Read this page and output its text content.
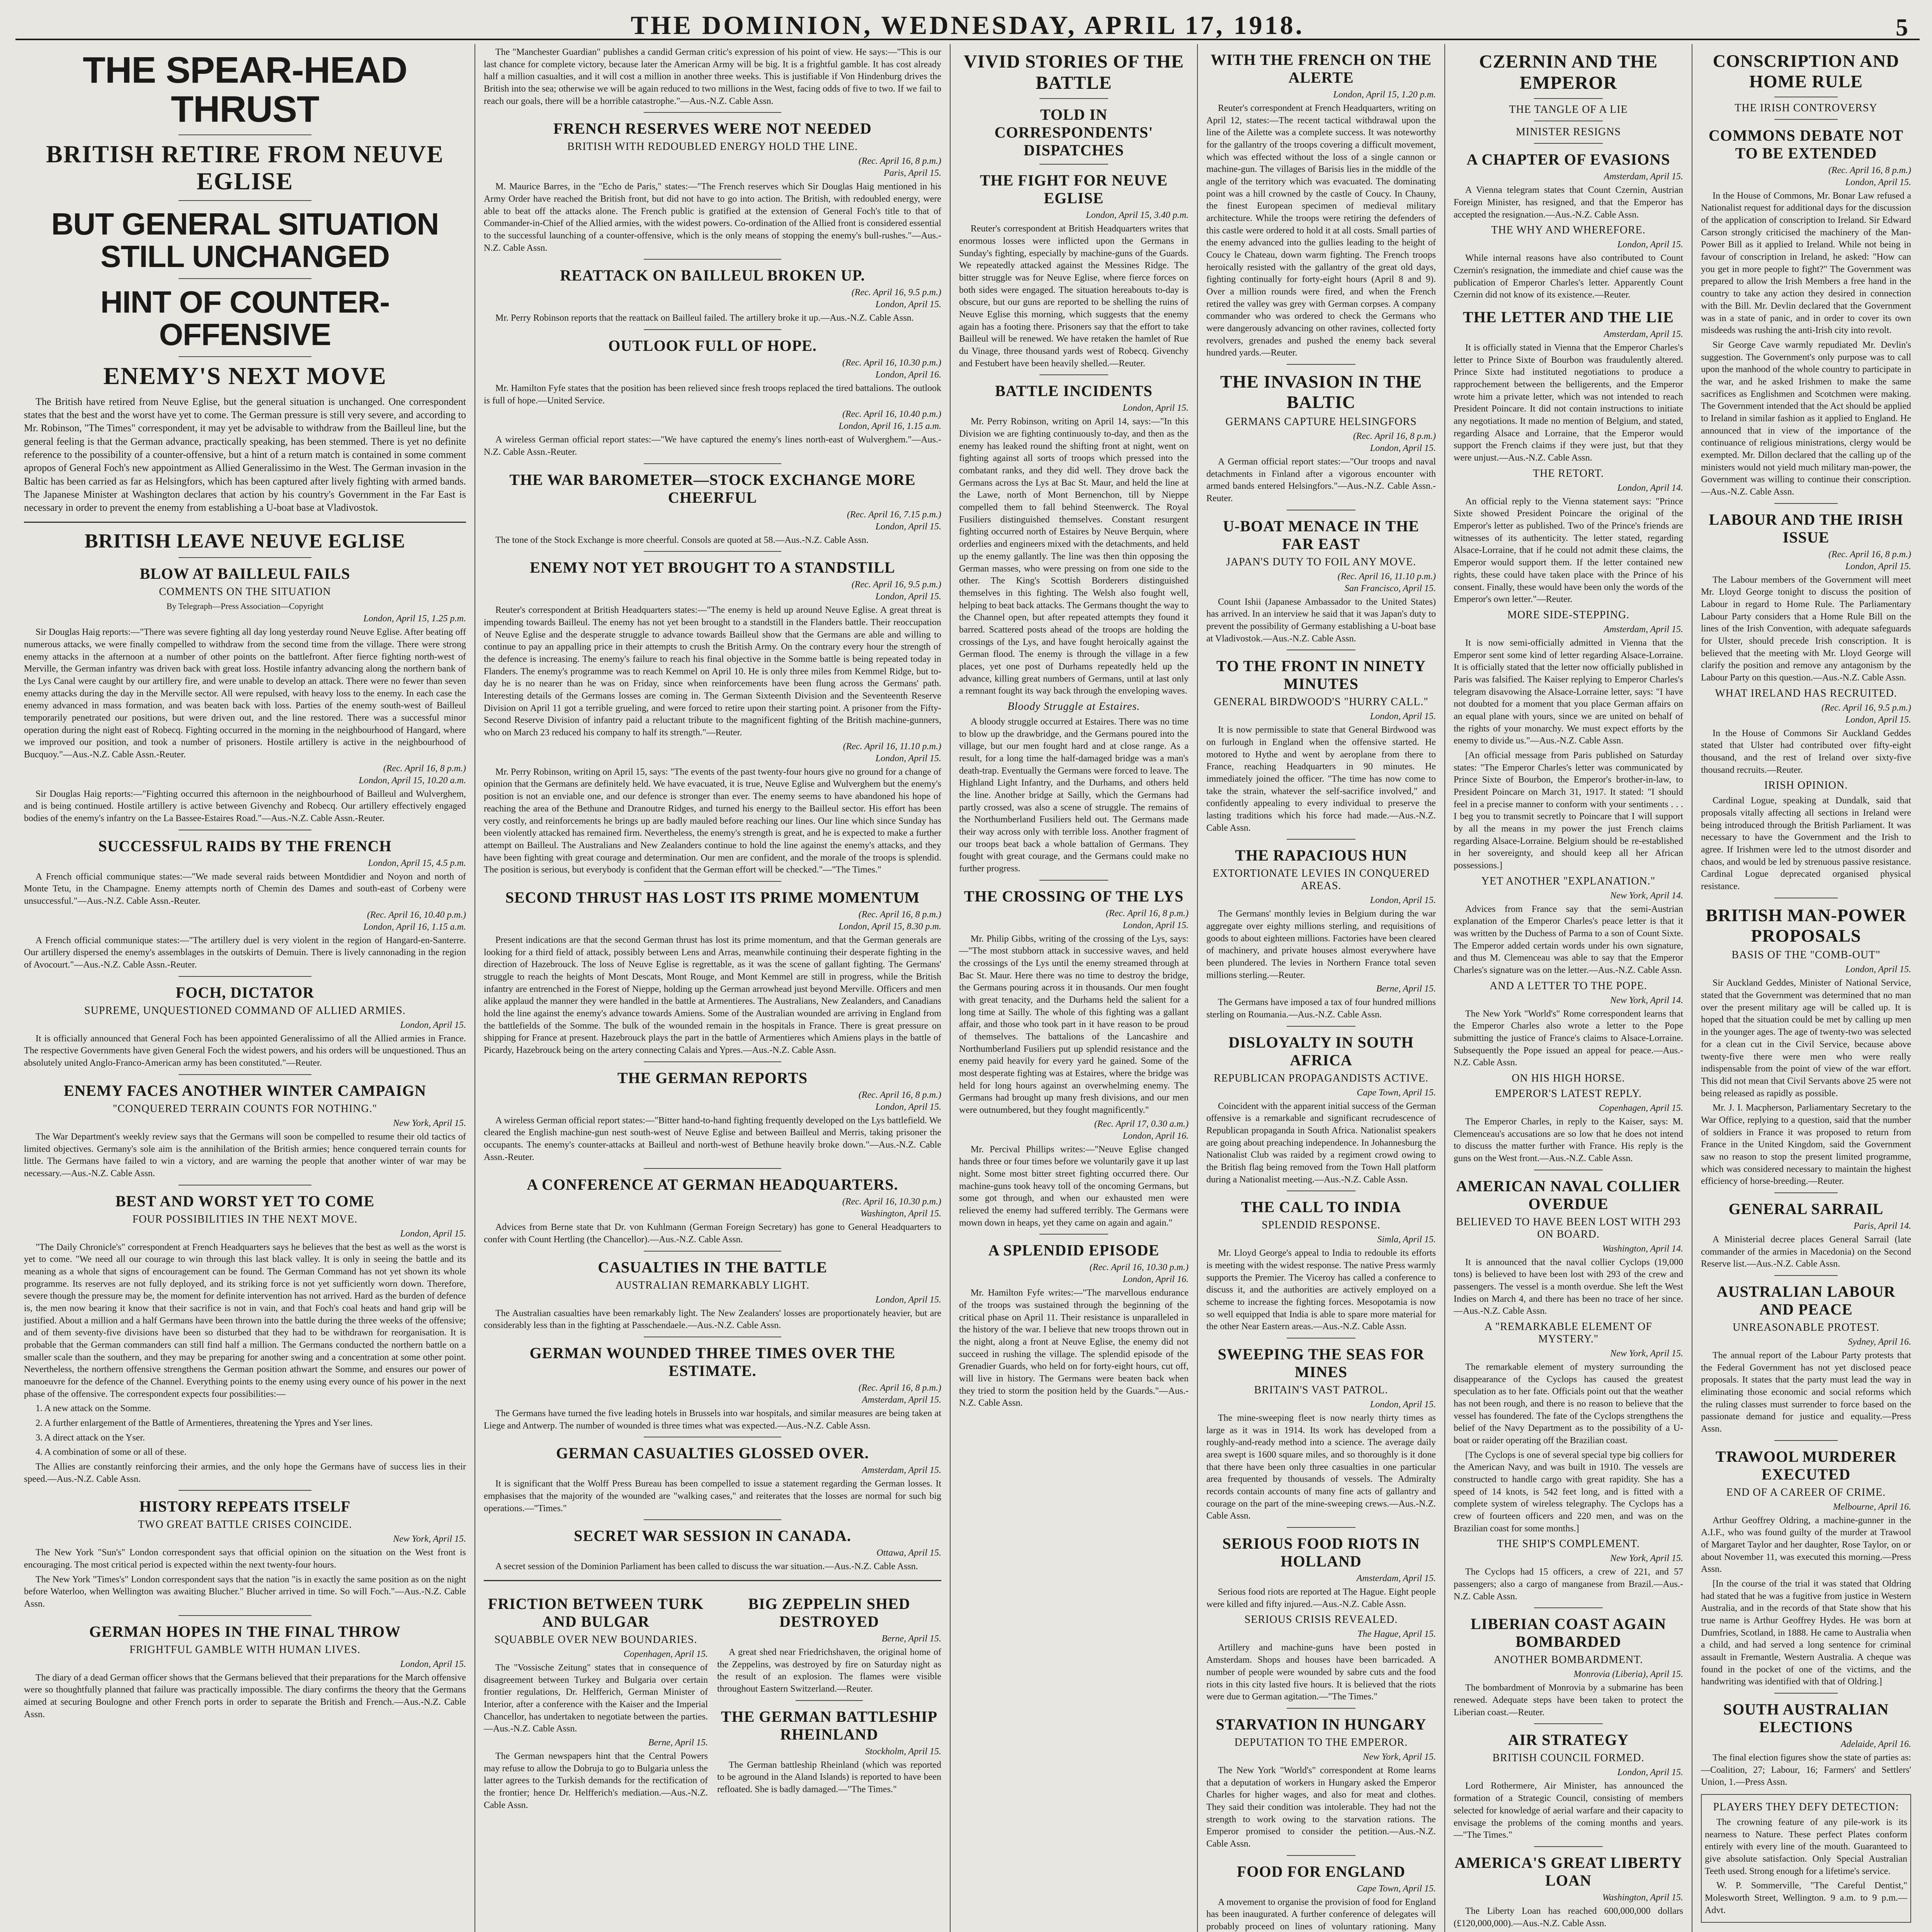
THE DOMINION, WEDNESDAY, APRIL 17, 1918.	5
THE SPEAR-HEAD THRUST
BRITISH RETIRE FROM NEUVE EGLISE
BUT GENERAL SITUATION STILL UNCHANGED
HINT OF COUNTER-OFFENSIVE
ENEMY'S NEXT MOVE

The British have retired from Neuve Eglise, but the general situation is unchanged. One correspondent states that the best and the worst have yet to come. The German pressure is still very severe, and according to Mr. Robinson, "The Times" correspondent, it may yet be advisable to withdraw from the Bailleul line, but the general feeling is that the German advance, practically speaking, has been stemmed. There is yet no definite reference to the possibility of a counter-offensive, but a hint of a return match is contained in some comment apropos of General Foch's new appointment as Allied Generalissimo in the West. The German invasion in the Baltic has been carried as far as Helsingfors, which has been captured after lively fighting with armed bands. The Japanese Minister at Washington declares that action by his country's Government in the Far East is necessary in order to prevent the enemy from establishing a U-boat base at Vladivostok.

BRITISH LEAVE NEUVE EGLISE
BLOW AT BAILLEUL FAILS
COMMENTS ON THE SITUATION
By Telegraph—Press Association—Copyright
London, April 15, 1.25 p.m.

Sir Douglas Haig reports:—"There was severe fighting all day long yesterday round Neuve Eglise. After beating off numerous attacks, we were finally compelled to withdraw from the second time from the village. There were strong enemy attacks in the afternoon at a number of other points on the battlefront. After fierce fighting north-west of Merville, the German infantry was driven back with great loss. Hostile infantry advancing along the northern bank of the Lys Canal were caught by our artillery fire, and were unable to develop an attack. There were no fewer than seven enemy attacks during the day in the Merville sector. All were repulsed, with heavy loss to the enemy. In each case the enemy advanced in mass formation, and was beaten back with loss. Parties of the enemy south-west of Bailleul temporarily penetrated our positions, but were driven out, and the line restored. There was a successful minor operation during the night east of Robecq. Fighting occurred in the morning in the neighbourhood of Hangard, where we improved our position, and took a number of prisoners. Hostile artillery is active in the neighbourhood of Bucquoy."—Aus.-N.Z. Cable Assn.-Reuter.

(Rec. April 16, 8 p.m.)
London, April 15, 10.20 a.m.

Sir Douglas Haig reports:—"Fighting occurred this afternoon in the neighbourhood of Bailleul and Wulverghem, and is being continued. Hostile artillery is active between Givenchy and Robecq. Our artillery effectively engaged bodies of the enemy's infantry on the La Bassee-Estaires Road."—Aus.-N.Z. Cable Assn.-Reuter.

SUCCESSFUL RAIDS BY THE FRENCH
London, April 15, 4.5 p.m.

A French official communique states:—"We made several raids between Montdidier and Noyon and north of Monte Tetu, in the Champagne. Enemy attempts north of Chemin des Dames and south-east of Corbeny were unsuccessful."—Aus.-N.Z. Cable Assn.-Reuter.

(Rec. April 16, 10.40 p.m.)
London, April 16, 1.15 a.m.

A French official communique states:—"The artillery duel is very violent in the region of Hangard-en-Santerre. Our artillery dispersed the enemy's assemblages in the outskirts of Demuin. There is lively cannonading in the region of Avocourt."—Aus.-N.Z. Cable Assn.-Reuter.

FOCH, DICTATOR
SUPREME, UNQUESTIONED COMMAND OF ALLIED ARMIES.
London, April 15.

It is officially announced that General Foch has been appointed Generalissimo of all the Allied armies in France. The respective Governments have given General Foch the widest powers, and his orders will be unquestioned. Thus an absolutely united Anglo-Franco-American army has been constituted."—Reuter.

ENEMY FACES ANOTHER WINTER CAMPAIGN
"CONQUERED TERRAIN COUNTS FOR NOTHING."
New York, April 15.

The War Department's weekly review says that the Germans will soon be compelled to resume their old tactics of limited objectives. Germany's sole aim is the annihilation of the British armies; hence conquered terrain counts for little. The Germans have failed to win a victory, and are warning the people that another winter of war may be necessary.—Aus.-N.Z. Cable Assn.

BEST AND WORST YET TO COME
FOUR POSSIBILITIES IN THE NEXT MOVE.
London, April 15.

"The Daily Chronicle's" correspondent at French Headquarters says he believes that the best as well as the worst is yet to come. "We need all our courage to win through this last black valley. It is only in seeing the battle and its meaning as a whole that signs of encouragement can be found. The German Command has not yet shown its whole programme. Its reserves are not fully deployed, and its striking force is not yet sufficiently worn down. Therefore, severe though the pressure may be, the moment for definite intervention has not arrived. Hard as the burden of defence is, the men now bearing it know that their sacrifice is not in vain, and that Foch's coal heats and hand grip will be justified. About a million and a half Germans have been thrown into the battle during the three weeks of the offensive; and of them seventy-five divisions have been so disturbed that they had to be withdrawn for reorganisation. It is probable that the German commanders can still find half a million. The Germans conducted the northern battle on a smaller scale than the southern, and they may be preparing for another swing and a concentration at some other point. Nevertheless, the northern offensive strengthens the German position athwart the Somme, and ensures our power of manoeuvre for the defence of the Channel. Everything points to the enemy using every ounce of his power in the next phase of the offensive. The correspondent expects four possibilities:—

1. A new attack on the Somme.

2. A further enlargement of the Battle of Armentieres, threatening the Ypres and Yser lines.

3. A direct attack on the Yser.

4. A combination of some or all of these.

The Allies are constantly reinforcing their armies, and the only hope the Germans have of success lies in their speed.—Aus.-N.Z. Cable Assn.

HISTORY REPEATS ITSELF
TWO GREAT BATTLE CRISES COINCIDE.
New York, April 15.

The New York "Sun's" London correspondent says that official opinion on the situation on the West front is encouraging. The most critical period is expected within the next twenty-four hours.

The New York "Times's" London correspondent says that the nation "is in exactly the same position as on the night before Waterloo, when Wellington was awaiting Blucher." Blucher arrived in time. So will Foch."—Aus.-N.Z. Cable Assn.

GERMAN HOPES IN THE FINAL THROW
FRIGHTFUL GAMBLE WITH HUMAN LIVES.
London, April 15.

The diary of a dead German officer shows that the Germans believed that their preparations for the March offensive were so thoughtfully planned that failure was practically impossible. The diary confirms the theory that the Germans aimed at securing Boulogne and other French ports in order to separate the British and French.—Aus.-N.Z. Cable Assn.

The "Manchester Guardian" publishes a candid German critic's expression of his point of view. He says:—"This is our last chance for complete victory, because later the American Army will be big. It is a frightful gamble. It has cost already half a million casualties, and it will cost a million in another three weeks. This is justifiable if Von Hindenburg drives the British into the sea; otherwise we will be again reduced to two millions in the West, facing odds of five to two. If we fail to reach our goals, there will be a horrible catastrophe."—Aus.-N.Z. Cable Assn.

FRENCH RESERVES WERE NOT NEEDED
BRITISH WITH REDOUBLED ENERGY HOLD THE LINE.
(Rec. April 16, 8 p.m.)
Paris, April 15.

M. Maurice Barres, in the "Echo de Paris," states:—"The French reserves which Sir Douglas Haig mentioned in his Army Order have reached the British front, but did not have to go into action. The British, with redoubled energy, were able to beat off the attacks alone. The French public is gratified at the extension of General Foch's title to that of Commander-in-Chief of the Allied armies, with the widest powers. Co-ordination of the Allied front is considered essential to the successful launching of a counter-offensive, which is the only means of stopping the enemy's bull-rushes."—Aus.-N.Z. Cable Assn.

REATTACK ON BAILLEUL BROKEN UP.
(Rec. April 16, 9.5 p.m.)
London, April 15.

Mr. Perry Robinson reports that the reattack on Bailleul failed. The artillery broke it up.—Aus.-N.Z. Cable Assn.

OUTLOOK FULL OF HOPE.
(Rec. April 16, 10.30 p.m.)
London, April 16.

Mr. Hamilton Fyfe states that the position has been relieved since fresh troops replaced the tired battalions. The outlook is full of hope.—United Service.

(Rec. April 16, 10.40 p.m.)
London, April 16, 1.15 a.m.

A wireless German official report states:—"We have captured the enemy's lines north-east of Wulverghem."—Aus.-N.Z. Cable Assn.-Reuter.

THE WAR BAROMETER—STOCK EXCHANGE MORE CHEERFUL
(Rec. April 16, 7.15 p.m.)
London, April 15.

The tone of the Stock Exchange is more cheerful. Consols are quoted at 58.—Aus.-N.Z. Cable Assn.

ENEMY NOT YET BROUGHT TO A STANDSTILL
(Rec. April 16, 9.5 p.m.)
London, April 15.

Reuter's correspondent at British Headquarters states:—"The enemy is held up around Neuve Eglise. A great threat is impending towards Bailleul. The enemy has not yet been brought to a standstill in the Flanders battle. Their reoccupation of Neuve Eglise and the desperate struggle to advance towards Bailleul show that the Germans are able and willing to continue to pay an appalling price in their attempts to crush the British Army. On the contrary every hour the strength of the defence is increasing. The enemy's failure to reach his final objective in the Somme battle is being repeated today in Flanders. The enemy's programme was to reach Kemmel on April 10. He is only three miles from Kemmel Ridge, but to-day he is no nearer than he was on Friday, since when reinforcements have been flung across the Germans' path. Interesting details of the Germans losses are coming in. The German Sixteenth Division and the Seventeenth Reserve Division on April 11 got a terrible grueling, and were forced to retire upon their starting point. A prisoner from the Fifty-Second Reserve Division of infantry paid a reluctant tribute to the magnificent fighting of the British machine-gunners, who on March 23 reduced his company to half its strength."—Reuter.

(Rec. April 16, 11.10 p.m.)
London, April 15.

Mr. Perry Robinson, writing on April 15, says: "The events of the past twenty-four hours give no ground for a change of opinion that the Germans are definitely held. We have evacuated, it is true, Neuve Eglise and Wulverghem but the enemy's position is not an enviable one, and our defence is stronger than ever. The enemy seems to have abandoned his hope of reaching the area of the Bethune and Dranoutre Ridges, and turned his energy to the Bailleul sector. His effort has been very costly, and reinforcements he brings up are badly mauled before reaching our lines. Our line which since Sunday has been violently attacked has remained firm. Nevertheless, the enemy's strength is great, and he is expected to make a further attempt on Bailleul. The Australians and New Zealanders continue to hold the line against the enemy's attacks, and they have been fighting with great courage and determination. Our men are confident, and the morale of the troops is splendid. The position is serious, but everybody is confident that the German effort will be checked."—"The Times."

SECOND THRUST HAS LOST ITS PRIME MOMENTUM
(Rec. April 16, 8 p.m.)
London, April 15, 8.30 p.m.

Present indications are that the second German thrust has lost its prime momentum, and that the German generals are looking for a third field of attack, possibly between Lens and Arras, meanwhile continuing their desperate fighting in the direction of Hazebrouck. The loss of Neuve Eglise is regrettable, as it was the scene of gallant fighting. The Germans' struggle to reach the heights of Mont Descats, Mont Rouge, and Mont Kemmel are still in progress, while the British infantry are entrenched in the Forest of Nieppe, holding up the German arrowhead just beyond Merville. Officers and men alike applaud the manner they were handled in the battle at Armentieres. The Australians, New Zealanders, and Canadians hold the line against the enemy's advance towards Amiens. Some of the Australian wounded are arriving in England from the battlefields of the Somme. The bulk of the wounded remain in the hospitals in France. There is great pressure on shipping for France at present. Hazebrouck plays the part in the battle of Armentieres which Amiens plays in the battle of Picardy, Hazebrouck being on the artery connecting Calais and Ypres.—Aus.-N.Z. Cable Assn.

THE GERMAN REPORTS
(Rec. April 16, 8 p.m.)
London, April 15.

A wireless German official report states:—"Bitter hand-to-hand fighting frequently developed on the Lys battlefield. We cleared the English machine-gun nest south-west of Neuve Eglise and between Bailleul and Merris, taking prisoner the occupants. The enemy's counter-attacks at Bailleul and north-west of Bethune heavily broke down."—Aus.-N.Z. Cable Assn.-Reuter.

A CONFERENCE AT GERMAN HEADQUARTERS.
(Rec. April 16, 10.30 p.m.)
Washington, April 15.

Advices from Berne state that Dr. von Kuhlmann (German Foreign Secretary) has gone to General Headquarters to confer with Count Hertling (the Chancellor).—Aus.-N.Z. Cable Assn.

CASUALTIES IN THE BATTLE
AUSTRALIAN REMARKABLY LIGHT.
London, April 15.

The Australian casualties have been remarkably light. The New Zealanders' losses are proportionately heavier, but are considerably less than in the fighting at Passchendaele.—Aus.-N.Z. Cable Assn.

GERMAN WOUNDED THREE TIMES OVER THE ESTIMATE.
(Rec. April 16, 8 p.m.)
Amsterdam, April 15.

The Germans have turned the five leading hotels in Brussels into war hospitals, and similar measures are being taken at Liege and Antwerp. The number of wounded is three times what was expected.—Aus.-N.Z. Cable Assn.

GERMAN CASUALTIES GLOSSED OVER.
Amsterdam, April 15.

It is significant that the Wolff Press Bureau has been compelled to issue a statement regarding the German losses. It emphasises that the majority of the wounded are "walking cases," and reiterates that the losses are normal for such big operations.—"Times."

SECRET WAR SESSION IN CANADA.
Ottawa, April 15.

A secret session of the Dominion Parliament has been called to discuss the war situation.—Aus.-N.Z. Cable Assn.

FRICTION BETWEEN TURK AND BULGAR
SQUABBLE OVER NEW BOUNDARIES.
Copenhagen, April 15.

The "Vossische Zeitung" states that in consequence of disagreement between Turkey and Bulgaria over certain frontier regulations, Dr. Helfferich, German Minister of Interior, after a conference with the Kaiser and the Imperial Chancellor, has undertaken to negotiate between the parties.—Aus.-N.Z. Cable Assn.

Berne, April 15.

The German newspapers hint that the Central Powers may refuse to allow the Dobruja to go to Bulgaria unless the latter agrees to the Turkish demands for the rectification of the frontier; hence Dr. Helfferich's mediation.—Aus.-N.Z. Cable Assn.

BIG ZEPPELIN SHED DESTROYED
Berne, April 15.

A great shed near Friedrichshaven, the original home of the Zeppelins, was destroyed by fire on Saturday night as the result of an explosion. The flames were visible throughout Eastern Switzerland.—Reuter.

THE GERMAN BATTLESHIP RHEINLAND
Stockholm, April 15.

The German battleship Rheinland (which was reported to be aground in the Aland Islands) is reported to have been refloated. She is badly damaged.—"The Times."

VIVID STORIES OF THE BATTLE
TOLD IN CORRESPONDENTS' DISPATCHES
THE FIGHT FOR NEUVE EGLISE
London, April 15, 3.40 p.m.

Reuter's correspondent at British Headquarters writes that enormous losses were inflicted upon the Germans in Sunday's fighting, especially by machine-guns of the Guards. We repeatedly attacked against the Messines Ridge. The bitter struggle was for Neuve Eglise, where fierce forces on both sides were engaged. The situation hereabouts to-day is obscure, but our guns are reported to be shelling the ruins of Neuve Eglise this morning, which suggests that the enemy again has a footing there. Prisoners say that the effort to take Bailleul will be renewed. We have retaken the hamlet of Rue du Vinage, three thousand yards west of Robecq. Givenchy and Festubert have been heavily shelled.—Reuter.

BATTLE INCIDENTS
London, April 15.

Mr. Perry Robinson, writing on April 14, says:—"In this Division we are fighting continuously to-day, and then as the enemy has leaked round the shifting front at night, went on fighting against all sorts of troops which pressed into the combatant ranks, and they did well. They drove back the Germans across the Lys at Bac St. Maur, and held the line at the Lawe, north of Mont Bernenchon, till by Nieppe compelled them to fall behind Steenwerck. The Royal Fusiliers distinguished themselves. Constant resurgent fighting occurred north of Estaires by Neuve Berquin, where orderlies and engineers mixed with the detachments, and held up the enemy gallantly. The line was then thin opposing the German masses, who were pressing on from one side to the other. The King's Scottish Borderers distinguished themselves in this fighting. The Welsh also fought well, helping to beat back attacks. The Germans thought the way to the Channel open, but after repeated attempts they found it barred. Scattered posts ahead of the troops are holding the crossings of the Lys, and have fought heroically against the German flood. The enemy is through the village in a few places, yet one post of Durhams repeatedly held up the advance, killing great numbers of Germans, until at last only a remnant fought its way back through the enveloping waves.

Bloody Struggle at Estaires.

A bloody struggle occurred at Estaires. There was no time to blow up the drawbridge, and the Germans poured into the village, but our men fought hard and at close range. As a result, for a long time the half-damaged bridge was a man's death-trap. Eventually the Germans were forced to leave. The Highland Light Infantry, and the Durhams, and others held the line. Another bridge at Sailly, which the Germans had partly crossed, was also a scene of struggle. The remains of the Northumberland Fusiliers held out. The Germans made their way across only with terrible loss. Another fragment of our troops beat back a whole battalion of Germans. They fought with great courage, and the Germans could make no further progress.

THE CROSSING OF THE LYS
(Rec. April 16, 8 p.m.)
London, April 15.

Mr. Philip Gibbs, writing of the crossing of the Lys, says:—"The most stubborn attack in successive waves, and held the crossings of the Lys until the enemy streamed through at Bac St. Maur. Here there was no time to destroy the bridge, the Germans pouring across it in thousands. Our men fought with great tenacity, and the Durhams held the salient for a long time at Sailly. The whole of this fighting was a gallant affair, and those who took part in it have reason to be proud of themselves. The battalions of the Lancashire and Northumberland Fusiliers put up splendid resistance and the enemy paid heavily for every yard he gained. Some of the most desperate fighting was at Estaires, where the bridge was held for long hours against an overwhelming enemy. The Germans had brought up many fresh divisions, and our men were outnumbered, but they fought magnificently."

(Rec. April 17, 0.30 a.m.)
London, April 16.

Mr. Percival Phillips writes:—"Neuve Eglise changed hands three or four times before we voluntarily gave it up last night. Some most bitter street fighting occurred there. Our machine-guns took heavy toll of the oncoming Germans, but some got through, and when our exhausted men were relieved the enemy had suffered terribly. The Germans were mown down in heaps, yet they came on again and again."

A SPLENDID EPISODE
(Rec. April 16, 10.30 p.m.)
London, April 16.

Mr. Hamilton Fyfe writes:—"The marvellous endurance of the troops was sustained through the beginning of the critical phase on April 11. Their resistance is unparalleled in the history of the war. I believe that new troops thrown out in the night, along a front at Neuve Eglise, the enemy did not succeed in rushing the village. The splendid episode of the Grenadier Guards, who held on for forty-eight hours, cut off, will live in history. The Germans were beaten back when they tried to storm the position held by the Guards."—Aus.-N.Z. Cable Assn.

WITH THE FRENCH ON THE ALERTE
London, April 15, 1.20 p.m.

Reuter's correspondent at French Headquarters, writing on April 12, states:—The recent tactical withdrawal upon the line of the Ailette was a complete success. It was noteworthy for the gallantry of the troops covering a difficult movement, which was effected without the loss of a single cannon or machine-gun. The villages of Barisis lies in the middle of the angle of the territory which was evacuated. The dominating point was a hill crowned by the castle of Coucy. In Chauny, the finest European specimen of medieval military architecture. While the troops were retiring the defenders of this castle were ordered to hold it at all costs. Small parties of the enemy advanced into the gullies leading to the height of Coucy le Chateau, down warm fighting. The French troops heroically resisted with the gallantry of the great old days, fighting continually for forty-eight hours (April 8 and 9). Over a million rounds were fired, and when the French retired the valley was grey with German corpses. A company commander who was ordered to check the Germans who were dangerously advancing on other ravines, collected forty revolvers, grenades and pushed the enemy back several hundred yards.—Reuter.

THE INVASION IN THE BALTIC
GERMANS CAPTURE HELSINGFORS
(Rec. April 16, 8 p.m.)
London, April 15.

A German official report states:—"Our troops and naval detachments in Finland after a vigorous encounter with armed bands entered Helsingfors."—Aus.-N.Z. Cable Assn.-Reuter.

U-BOAT MENACE IN THE FAR EAST
JAPAN'S DUTY TO FOIL ANY MOVE.
(Rec. April 16, 11.10 p.m.)
San Francisco, April 15.

Count Ishii (Japanese Ambassador to the United States) has arrived. In an interview he said that it was Japan's duty to prevent the possibility of Germany establishing a U-boat base at Vladivostok.—Aus.-N.Z. Cable Assn.

TO THE FRONT IN NINETY MINUTES
GENERAL BIRDWOOD'S "HURRY CALL."
London, April 15.

It is now permissible to state that General Birdwood was on furlough in England when the offensive started. He motored to Hythe and went by aeroplane from there to France, reaching Headquarters in 90 minutes. He immediately joined the officer. "The time has now come to take the strain, whatever the self-sacrifice involved," and confidently appealing to every individual to preserve the lasting traditions which his force had made.—Aus.-N.Z. Cable Assn.

THE RAPACIOUS HUN
EXTORTIONATE LEVIES IN CONQUERED AREAS.
London, April 15.

The Germans' monthly levies in Belgium during the war aggregate over eighty millions sterling, and requisitions of goods to about eighteen millions. Factories have been cleared of machinery, and private houses almost everywhere have been plundered. The levies in Northern France total seven millions sterling.—Reuter.

Berne, April 15.

The Germans have imposed a tax of four hundred millions sterling on Roumania.—Aus.-N.Z. Cable Assn.

DISLOYALTY IN SOUTH AFRICA
REPUBLICAN PROPAGANDISTS ACTIVE.
Cape Town, April 15.

Coincident with the apparent initial success of the German offensive is a remarkable and significant recrudescence of Republican propaganda in South Africa. Nationalist speakers are going about preaching independence. In Johannesburg the Nationalist Club was raided by a regiment crowd owing to the British flag being removed from the Town Hall platform during a Nationalist meeting.—Aus.-N.Z. Cable Assn.

THE CALL TO INDIA
SPLENDID RESPONSE.
Simla, April 15.

Mr. Lloyd George's appeal to India to redouble its efforts is meeting with the widest response. The native Press warmly supports the Premier. The Viceroy has called a conference to discuss it, and the authorities are actively employed on a scheme to increase the fighting forces. Mesopotamia is now so well equipped that India is able to spare more material for the other Near Eastern areas.—Aus.-N.Z. Cable Assn.

SWEEPING THE SEAS FOR MINES
BRITAIN'S VAST PATROL.
London, April 15.

The mine-sweeping fleet is now nearly thirty times as large as it was in 1914. Its work has developed from a roughly-and-ready method into a science. The average daily area swept is 1600 square miles, and so thoroughly is it done that there have been only three casualties in one particular area frequented by thousands of vessels. The Admiralty records contain accounts of many fine acts of gallantry and courage on the part of the mine-sweeping crews.—Aus.-N.Z. Cable Assn.

SERIOUS FOOD RIOTS IN HOLLAND
Amsterdam, April 15.

Serious food riots are reported at The Hague. Eight people were killed and fifty injured.—Aus.-N.Z. Cable Assn.

SERIOUS CRISIS REVEALED.
The Hague, April 15.

Artillery and machine-guns have been posted in Amsterdam. Shops and houses have been barricaded. A number of people were wounded by sabre cuts and the food riots in this city lasted five hours. It is believed that the riots were due to German agitation.—"The Times."

STARVATION IN HUNGARY
DEPUTATION TO THE EMPEROR.
New York, April 15.

The New York "World's" correspondent at Rome learns that a deputation of workers in Hungary asked the Emperor Charles for higher wages, and also for meat and clothes. They said their condition was intolerable. They had not the strength to work owing to the starvation rations. The Emperor promised to consider the petition.—Aus.-N.Z. Cable Assn.

FOOD FOR ENGLAND
Cape Town, April 15.

A movement to organise the provision of food for England has been inaugurated. A further conference of delegates will probably proceed on lines of voluntary rationing. Many

CZERNIN AND THE EMPEROR
THE TANGLE OF A LIE
MINISTER RESIGNS
A CHAPTER OF EVASIONS
Amsterdam, April 15.

A Vienna telegram states that Count Czernin, Austrian Foreign Minister, has resigned, and that the Emperor has accepted the resignation.—Aus.-N.Z. Cable Assn.

THE WHY AND WHEREFORE.
London, April 15.

While internal reasons have also contributed to Count Czernin's resignation, the immediate and chief cause was the publication of Emperor Charles's letter. Apparently Count Czernin did not know of its existence.—Reuter.

THE LETTER AND THE LIE
Amsterdam, April 15.

It is officially stated in Vienna that the Emperor Charles's letter to Prince Sixte of Bourbon was fraudulently altered. Prince Sixte had instituted negotiations to produce a rapprochement between the belligerents, and the Emperor wrote him a private letter, which was not intended to reach President Poincare. It did not contain instructions to initiate any negotiations. It made no mention of Belgium, and stated, regarding Alsace and Lorraine, that the Emperor would support the French claims if they were just, but that they were unjust.—Aus.-N.Z. Cable Assn.

THE RETORT.
London, April 14.

An official reply to the Vienna statement says: "Prince Sixte showed President Poincare the original of the Emperor's letter as published. Two of the Prince's friends are witnesses of its authenticity. The letter stated, regarding Alsace-Lorraine, that if he could not admit these claims, the Emperor would support them. If the letter contained new rights, these could have taken place with the Prince of his consent. Finally, these would have been only the words of the Emperor's own letter."—Reuter.

MORE SIDE-STEPPING.
Amsterdam, April 15.

It is now semi-officially admitted in Vienna that the Emperor sent some kind of letter regarding Alsace-Lorraine. It is officially stated that the letter now officially published in Paris was falsified. The Kaiser replying to Emperor Charles's telegram disavowing the Alsace-Lorraine letter, says: "I have not doubted for a moment that you place German affairs on an equal plane with yours, since we are united on behalf of the rights of your monarchy. We must expect efforts by the enemy to divide us."—Aus.-N.Z. Cable Assn.

[An official message from Paris published on Saturday states: "The Emperor Charles's letter was communicated by Prince Sixte of Bourbon, the Emperor's brother-in-law, to President Poincare on March 31, 1917. It stated: "I should feel in a precise manner to conform with your sentiments . . . I beg you to transmit secretly to Poincare that I will support by all the means in my power the just French claims regarding Alsace-Lorraine. Belgium should be re-established in her sovereignty, and should keep all her African possessions.]

YET ANOTHER "EXPLANATION."
New York, April 14.

Advices from France say that the semi-Austrian explanation of the Emperor Charles's peace letter is that it was written by the Duchess of Parma to a son of Count Sixte. The Emperor added certain words under his own signature, and thus M. Clemenceau was able to say that the Emperor Charles's signature was on the letter.—Aus.-N.Z. Cable Assn.

AND A LETTER TO THE POPE.
New York, April 14.

The New York "World's" Rome correspondent learns that the Emperor Charles also wrote a letter to the Pope submitting the justice of France's claims to Alsace-Lorraine. Subsequently the Pope issued an appeal for peace.—Aus.-N.Z. Cable Assn.

ON HIS HIGH HORSE.
EMPEROR'S LATEST REPLY.
Copenhagen, April 15.

The Emperor Charles, in reply to the Kaiser, says: M. Clemenceau's accusations are so low that he does not intend to discuss the matter further with France. His reply is the guns on the West front.—Aus.-N.Z. Cable Assn.

AMERICAN NAVAL COLLIER OVERDUE
BELIEVED TO HAVE BEEN LOST WITH 293 ON BOARD.
Washington, April 14.

It is announced that the naval collier Cyclops (19,000 tons) is believed to have been lost with 293 of the crew and passengers. The vessel is a month overdue. She left the West Indies on March 4, and there has been no trace of her since.—Aus.-N.Z. Cable Assn.

A "REMARKABLE ELEMENT OF MYSTERY."
New York, April 15.

The remarkable element of mystery surrounding the disappearance of the Cyclops has caused the greatest speculation as to her fate. Officials point out that the weather has not been rough, and there is no reason to believe that the vessel has foundered. The fate of the Cyclops strengthens the belief of the Navy Department as to the possibility of a U-boat or raider operating off the Brazilian coast.

[The Cyclops is one of several special type big colliers for the American Navy, and was built in 1910. The vessels are constructed to handle cargo with great rapidity. She has a speed of 14 knots, is 542 feet long, and is fitted with a complete system of wireless telegraphy. The Cyclops has a crew of fourteen officers and 220 men, and was on the Brazilian coast for some months.]

THE SHIP'S COMPLEMENT.
New York, April 15.

The Cyclops had 15 officers, a crew of 221, and 57 passengers; also a cargo of manganese from Brazil.—Aus.-N.Z. Cable Assn.

LIBERIAN COAST AGAIN BOMBARDED
ANOTHER BOMBARDMENT.
Monrovia (Liberia), April 15.

The bombardment of Monrovia by a submarine has been renewed. Adequate steps have been taken to protect the Liberian coast.—Reuter.

AIR STRATEGY
BRITISH COUNCIL FORMED.
London, April 15.

Lord Rothermere, Air Minister, has announced the formation of a Strategic Council, consisting of members selected for knowledge of aerial warfare and their capacity to envisage the problems of the coming months and years.—"The Times."

AMERICA'S GREAT LIBERTY LOAN
Washington, April 15.

The Liberty Loan has reached 600,000,000 dollars (£120,000,000).—Aus.-N.Z. Cable Assn.

CONSCRIPTION AND HOME RULE
THE IRISH CONTROVERSY
COMMONS DEBATE NOT TO BE EXTENDED
(Rec. April 16, 8 p.m.)
London, April 15.

In the House of Commons, Mr. Bonar Law refused a Nationalist request for additional days for the discussion of the application of conscription to Ireland. Sir Edward Carson strongly criticised the machinery of the Man-Power Bill as it applied to Ireland. While not being in favour of conscription in Ireland, he asked: "How can you get in more people to fight?" The Government was prepared to allow the Irish Members a free hand in the country to take any action they desired in connection with the Bill. Mr. Devlin declared that the Government was in a state of panic, and in order to cover its own misdeeds was rushing the anti-Irish city into revolt.

Sir George Cave warmly repudiated Mr. Devlin's suggestion. The Government's only purpose was to call upon the manhood of the whole country to participate in the war, and he asked Irishmen to make the same sacrifices as Englishmen and Scotchmen were making. The Government intended that the Act should be applied to Ireland in similar fashion as it applied to England. He announced that in view of the importance of the continuance of religious ministrations, clergy would be exempted. Mr. Dillon declared that the calling up of the ministers would not yield much military man-power, the Government was willing to continue their conscription.—Aus.-N.Z. Cable Assn.

LABOUR AND THE IRISH ISSUE
(Rec. April 16, 8 p.m.)
London, April 15.

The Labour members of the Government will meet Mr. Lloyd George tonight to discuss the position of Labour in regard to Home Rule. The Parliamentary Labour Party considers that a Home Rule Bill on the lines of the Irish Convention, with adequate safeguards for Ulster, should precede Irish conscription. It is believed that the meeting with Mr. Lloyd George will clarify the position and remove any antagonism by the Labour Party on this question.—Aus.-N.Z. Cable Assn.

WHAT IRELAND HAS RECRUITED.
(Rec. April 16, 9.5 p.m.)
London, April 15.

In the House of Commons Sir Auckland Geddes stated that Ulster had contributed over fifty-eight thousand, and the rest of Ireland over sixty-five thousand recruits.—Reuter.

IRISH OPINION.

Cardinal Logue, speaking at Dundalk, said that proposals vitally affecting all sections in Ireland were being introduced through the British Parliament. It was necessary to have the Government and the Irish to agree. If Irishmen were led to the utmost disorder and chaos, and would be led by strenuous passive resistance. Cardinal Logue deprecated organised physical resistance.

BRITISH MAN-POWER PROPOSALS
BASIS OF THE "COMB-OUT"
London, April 15.

Sir Auckland Geddes, Minister of National Service, stated that the Government was determined that no man over the present military age will be called up. It is hoped that the situation could be met by calling up men in the younger ages. The age of twenty-two was selected for a clean cut in the Civil Service, because above twenty-five there were men who were really indispensable from the point of view of the war effort. This did not mean that Civil Servants above 25 were not being released as rapidly as possible.

Mr. J. I. Macpherson, Parliamentary Secretary to the War Office, replying to a question, said that the number of soldiers in France it was proposed to return from France in the United Kingdom, said the Government saw no reason to stop the present limited programme, which was considered necessary to maintain the highest efficiency of horse-breeding.—Reuter.

GENERAL SARRAIL
Paris, April 14.

A Ministerial decree places General Sarrail (late commander of the armies in Macedonia) on the Second Reserve list.—Aus.-N.Z. Cable Assn.

AUSTRALIAN LABOUR AND PEACE
UNREASONABLE PROTEST.
Sydney, April 16.

The annual report of the Labour Party protests that the Federal Government has not yet disclosed peace proposals. It states that the party must lead the way in eliminating those economic and social reforms which the ruling classes must surrender to force based on the passionate demand for justice and equality.—Press Assn.

TRAWOOL MURDERER EXECUTED
END OF A CAREER OF CRIME.
Melbourne, April 16.

Arthur Geoffrey Oldring, a machine-gunner in the A.I.F., who was found guilty of the murder at Trawool of Margaret Taylor and her daughter, Rose Taylor, on or about November 11, was executed this morning.—Press Assn.

[In the course of the trial it was stated that Oldring had stated that he was a fugitive from justice in Western Australia, and in the records of that State show that his true name is Arthur Geoffrey Hydes. He was born at Dumfries, Scotland, in 1888. He came to Australia when a child, and had served a long sentence for criminal assault in Fremantle, Western Australia. A cheque was found in the pocket of one of the victims, and the handwriting was identified with that of Oldring.]

SOUTH AUSTRALIAN ELECTIONS
Adelaide, April 16.

The final election figures show the state of parties as:—Coalition, 27; Labour, 16; Farmers' and Settlers' Union, 1.—Press Assn.

PLAYERS THEY DEFY DETECTION:

The crowning feature of any pile-work is its nearness to Nature. These perfect Plates conform entirely with every line of the mouth. Guaranteed to give absolute satisfaction. Only Special Australian Teeth used. Strong enough for a lifetime's service.

W. P. Sommerville, "The Careful Dentist," Molesworth Street, Wellington. 9 a.m. to 9 p.m.—Advt.
